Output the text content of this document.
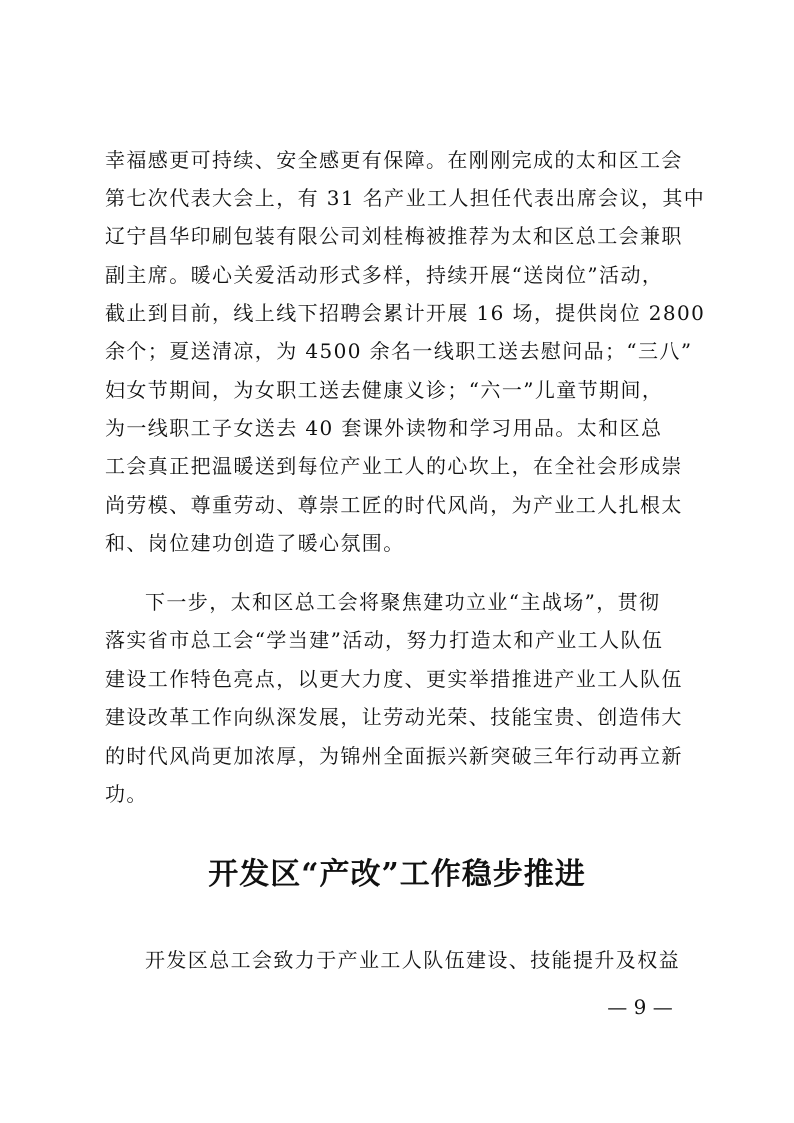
幸福感更可持续、安全感更有保障。在刚刚完成的太和区工会
第七次代表大会上，有 31 名产业工人担任代表出席会议，其中
辽宁昌华印刷包装有限公司刘桂梅被推荐为太和区总工会兼职
副主席。暖心关爱活动形式多样，持续开展“送岗位”活动，
截止到目前，线上线下招聘会累计开展 16 场，提供岗位 2800
余个；夏送清凉，为 4500 余名一线职工送去慰问品；“三八”
妇女节期间，为女职工送去健康义诊；“六一”儿童节期间，
为一线职工子女送去 40 套课外读物和学习用品。太和区总
工会真正把温暖送到每位产业工人的心坎上，在全社会形成崇
尚劳模、尊重劳动、尊崇工匠的时代风尚，为产业工人扎根太
和、岗位建功创造了暖心氛围。
下一步，太和区总工会将聚焦建功立业“主战场”，贯彻
落实省市总工会“学当建”活动，努力打造太和产业工人队伍
建设工作特色亮点，以更大力度、更实举措推进产业工人队伍
建设改革工作向纵深发展，让劳动光荣、技能宝贵、创造伟大
的时代风尚更加浓厚，为锦州全面振兴新突破三年行动再立新
功。
开发区“产改”工作稳步推进
开发区总工会致力于产业工人队伍建设、技能提升及权益
— 9 —
